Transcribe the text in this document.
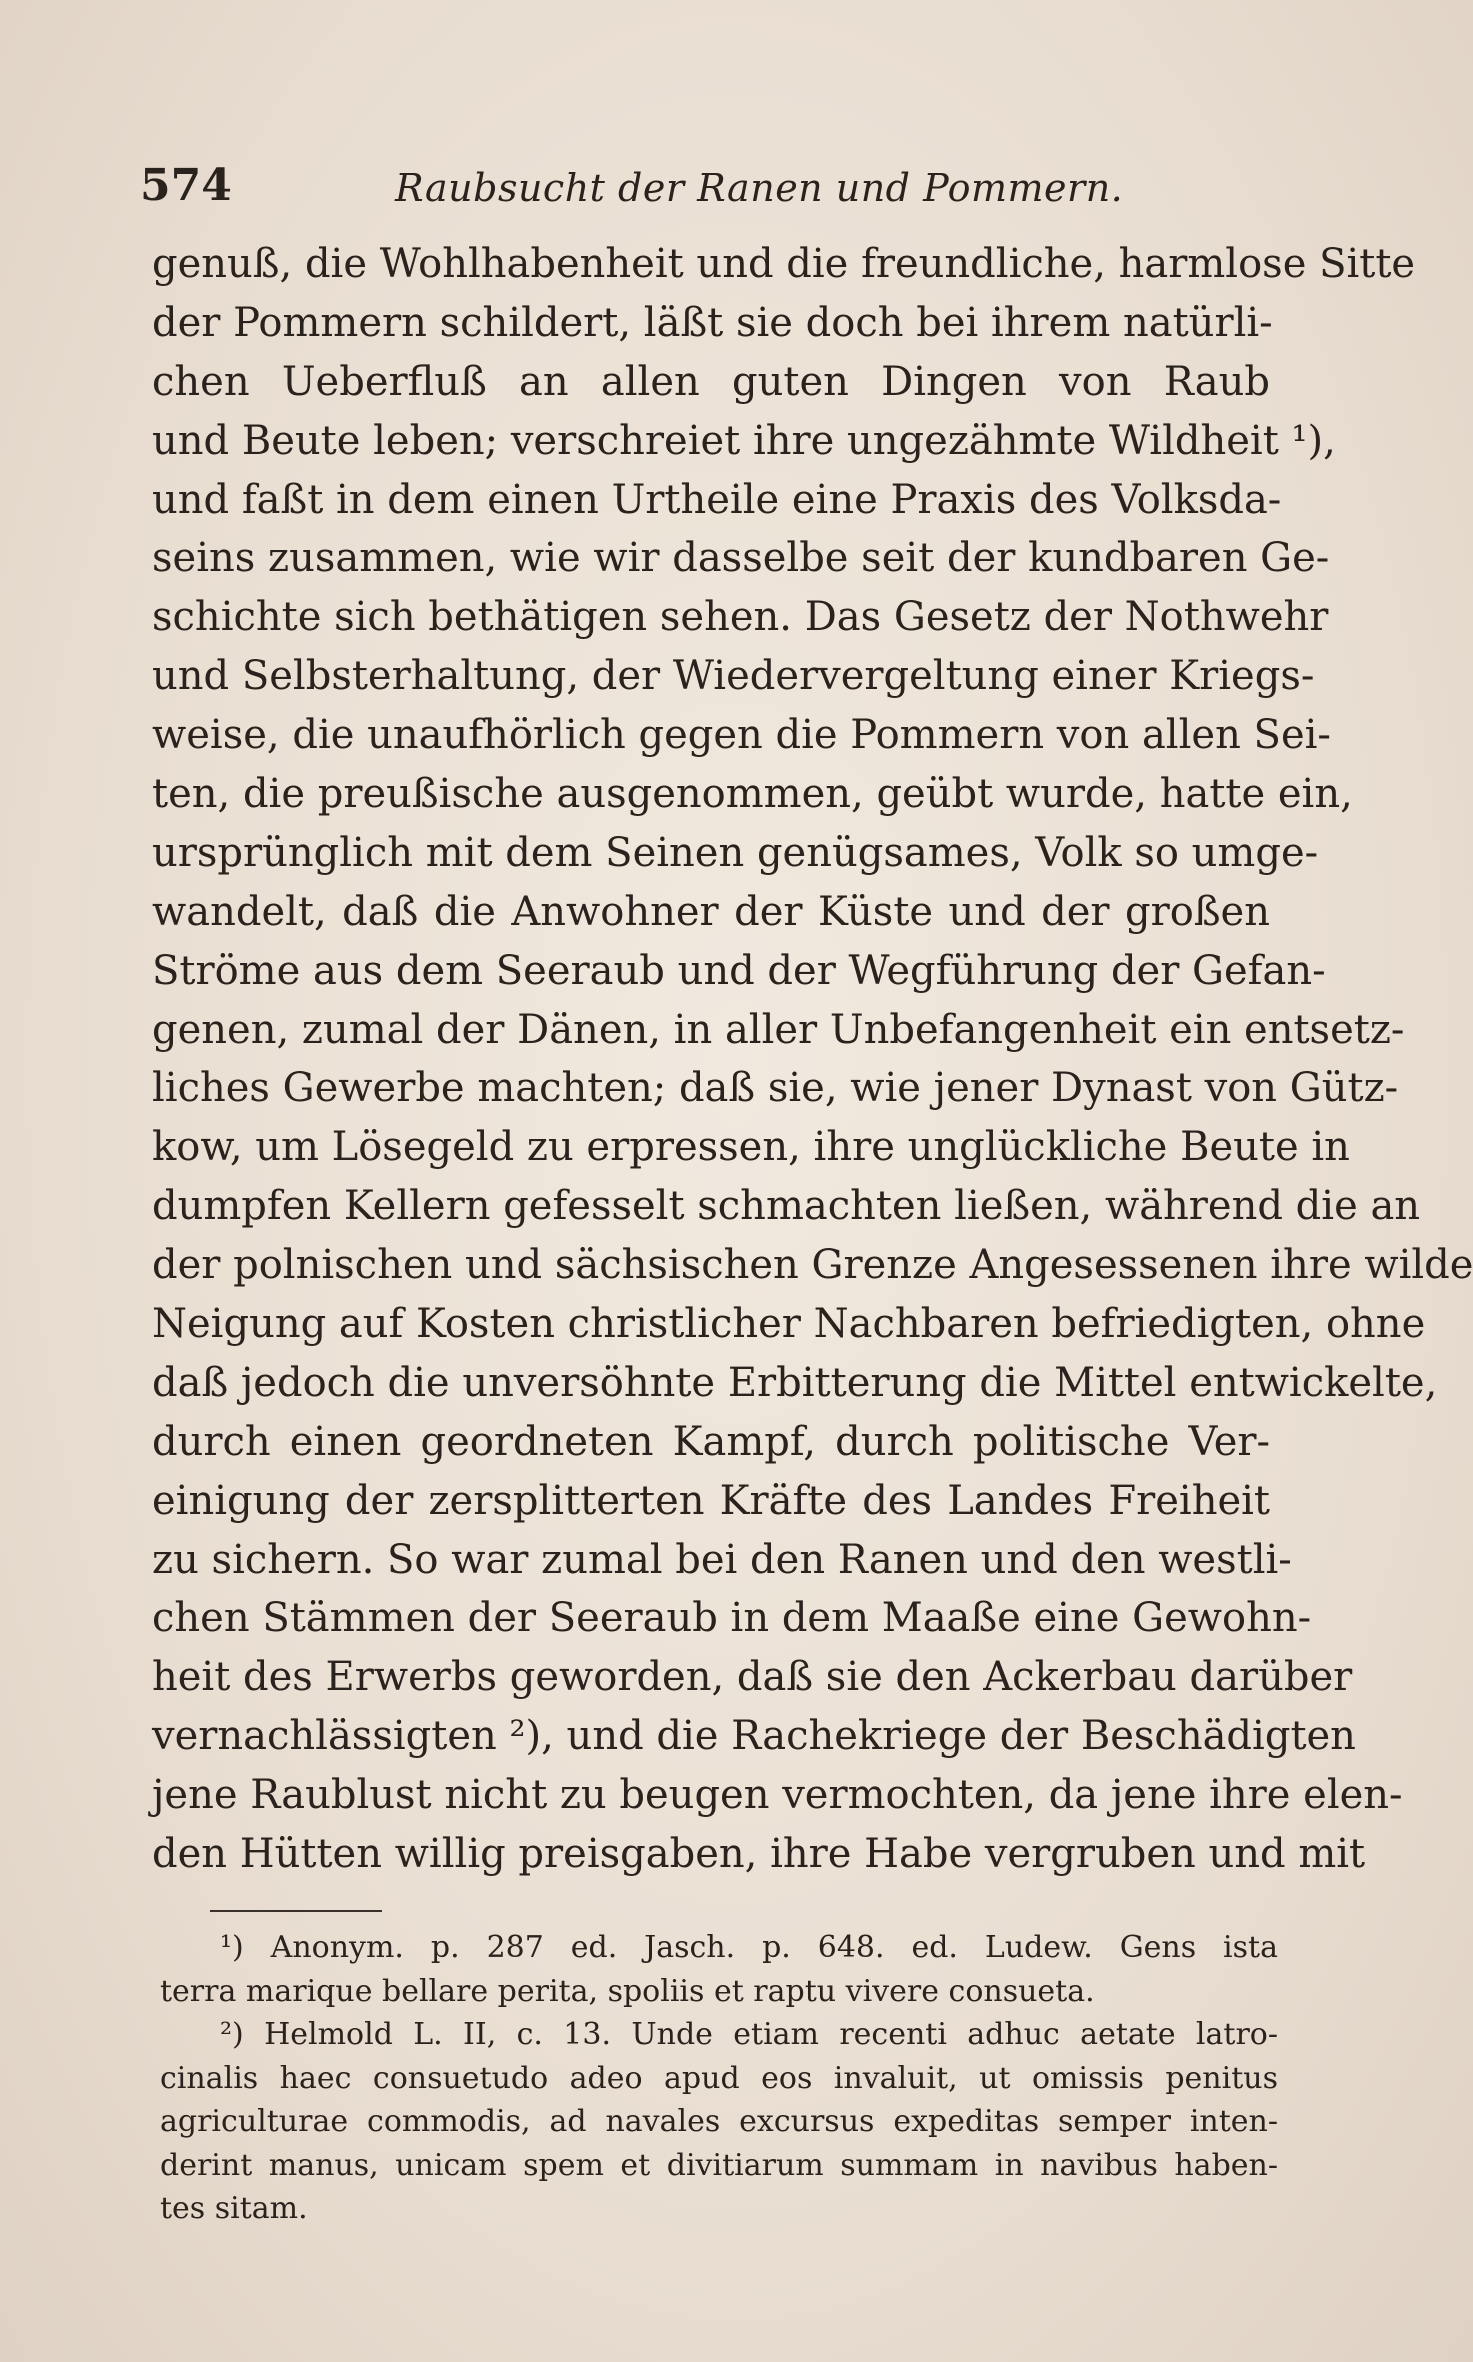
574	Raubsucht der Ranen und Pommern.
genuß, die Wohlhabenheit und die freundliche, harmlose Sitte
der Pommern schildert, läßt sie doch bei ihrem natürli-
chen Ueberfluß an allen guten Dingen von Raub
und Beute leben; verschreiet ihre ungezähmte Wildheit ¹),
und faßt in dem einen Urtheile eine Praxis des Volksda-
seins zusammen, wie wir dasselbe seit der kundbaren Ge-
schichte sich bethätigen sehen. Das Gesetz der Nothwehr
und Selbsterhaltung, der Wiedervergeltung einer Kriegs-
weise, die unaufhörlich gegen die Pommern von allen Sei-
ten, die preußische ausgenommen, geübt wurde, hatte ein,
ursprünglich mit dem Seinen genügsames, Volk so umge-
wandelt, daß die Anwohner der Küste und der großen
Ströme aus dem Seeraub und der Wegführung der Gefan-
genen, zumal der Dänen, in aller Unbefangenheit ein entsetz-
liches Gewerbe machten; daß sie, wie jener Dynast von Gütz-
kow, um Lösegeld zu erpressen, ihre unglückliche Beute in
dumpfen Kellern gefesselt schmachten ließen, während die an
der polnischen und sächsischen Grenze Angesessenen ihre wilde
Neigung auf Kosten christlicher Nachbaren befriedigten, ohne
daß jedoch die unversöhnte Erbitterung die Mittel entwickelte,
durch einen geordneten Kampf, durch politische Ver-
einigung der zersplitterten Kräfte des Landes Freiheit
zu sichern. So war zumal bei den Ranen und den westli-
chen Stämmen der Seeraub in dem Maaße eine Gewohn-
heit des Erwerbs geworden, daß sie den Ackerbau darüber
vernachlässigten ²), und die Rachekriege der Beschädigten
jene Raublust nicht zu beugen vermochten, da jene ihre elen-
den Hütten willig preisgaben, ihre Habe vergruben und mit
¹) Anonym. p. 287 ed. Jasch. p. 648. ed. Ludew. Gens ista
terra marique bellare perita, spoliis et raptu vivere consueta.
²) Helmold L. II, c. 13. Unde etiam recenti adhuc aetate latro-
cinalis haec consuetudo adeo apud eos invaluit, ut omissis penitus
agriculturae commodis, ad navales excursus expeditas semper inten-
derint manus, unicam spem et divitiarum summam in navibus haben-
tes sitam.
